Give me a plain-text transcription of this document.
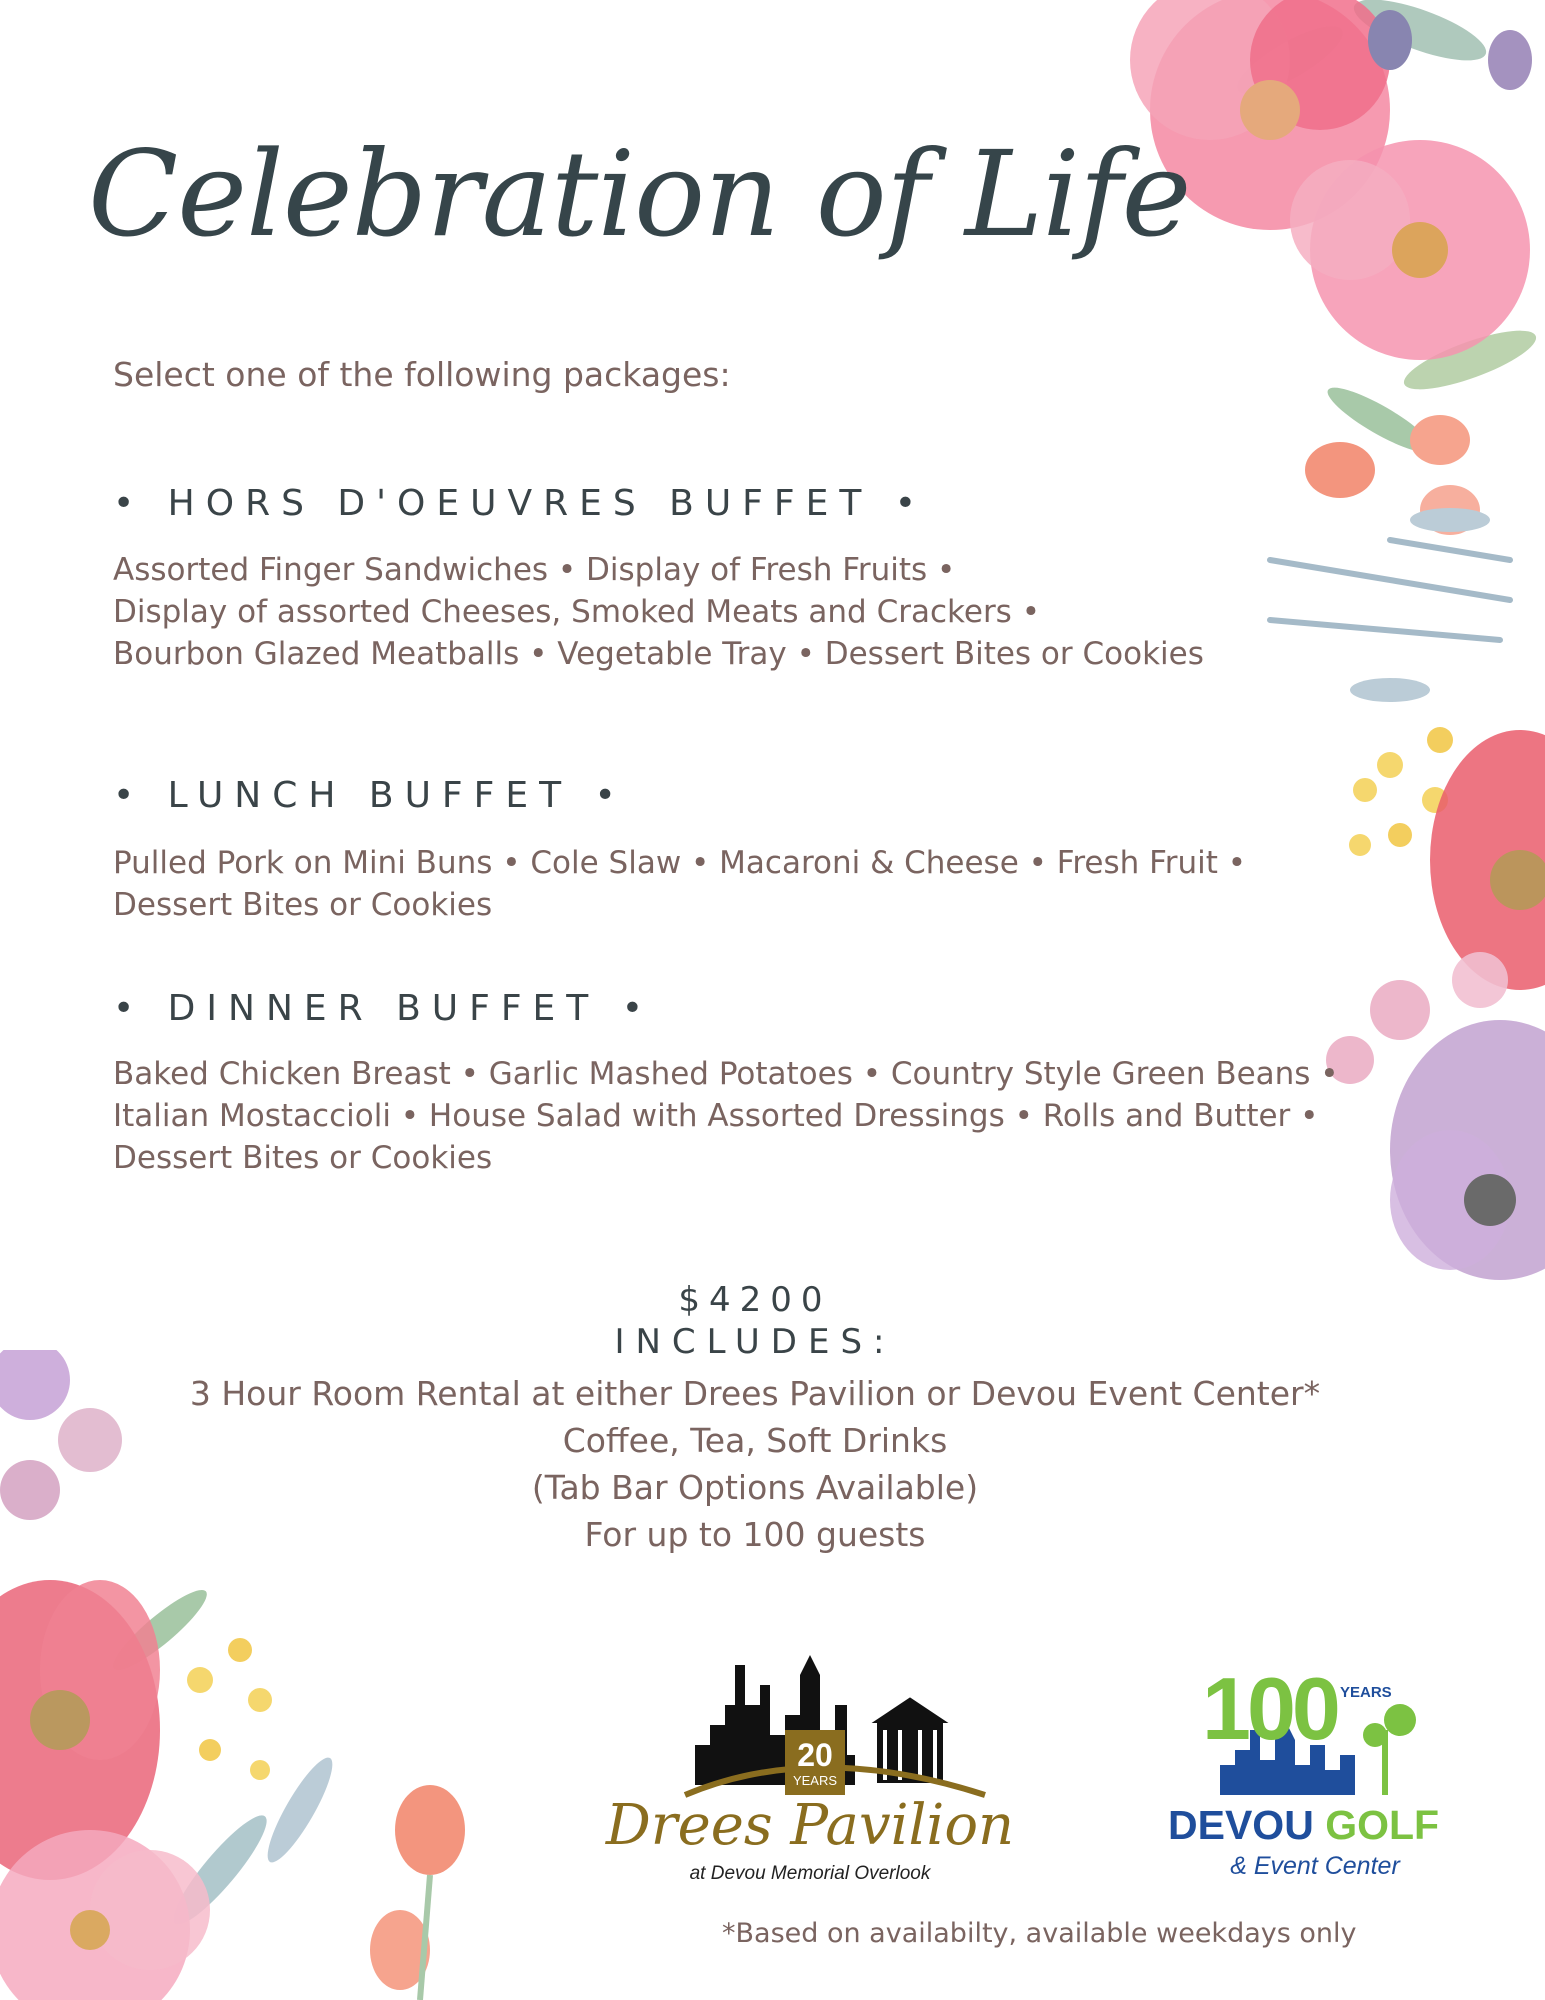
Celebration of Life
Select one of the following packages:
• HORS D'OEUVRES BUFFET •
Assorted Finger Sandwiches • Display of Fresh Fruits •
Display of assorted Cheeses, Smoked Meats and Crackers •
Bourbon Glazed Meatballs • Vegetable Tray • Dessert Bites or Cookies
• LUNCH BUFFET •
Pulled Pork on Mini Buns • Cole Slaw • Macaroni & Cheese • Fresh Fruit •
Dessert Bites or Cookies
• DINNER BUFFET •
Baked Chicken Breast • Garlic Mashed Potatoes • Country Style Green Beans •
Italian Mostaccioli • House Salad with Assorted Dressings • Rolls and Butter •
Dessert Bites or Cookies
$4200
INCLUDES:
3 Hour Room Rental at either Drees Pavilion or Devou Event Center*
Coffee, Tea, Soft Drinks
(Tab Bar Options Available)
For up to 100 guests
20
YEARS
Drees Pavilion
at Devou Memorial Overlook
100 YEARS
DEVOU GOLF
& Event Center
*Based on availabilty, available weekdays only
